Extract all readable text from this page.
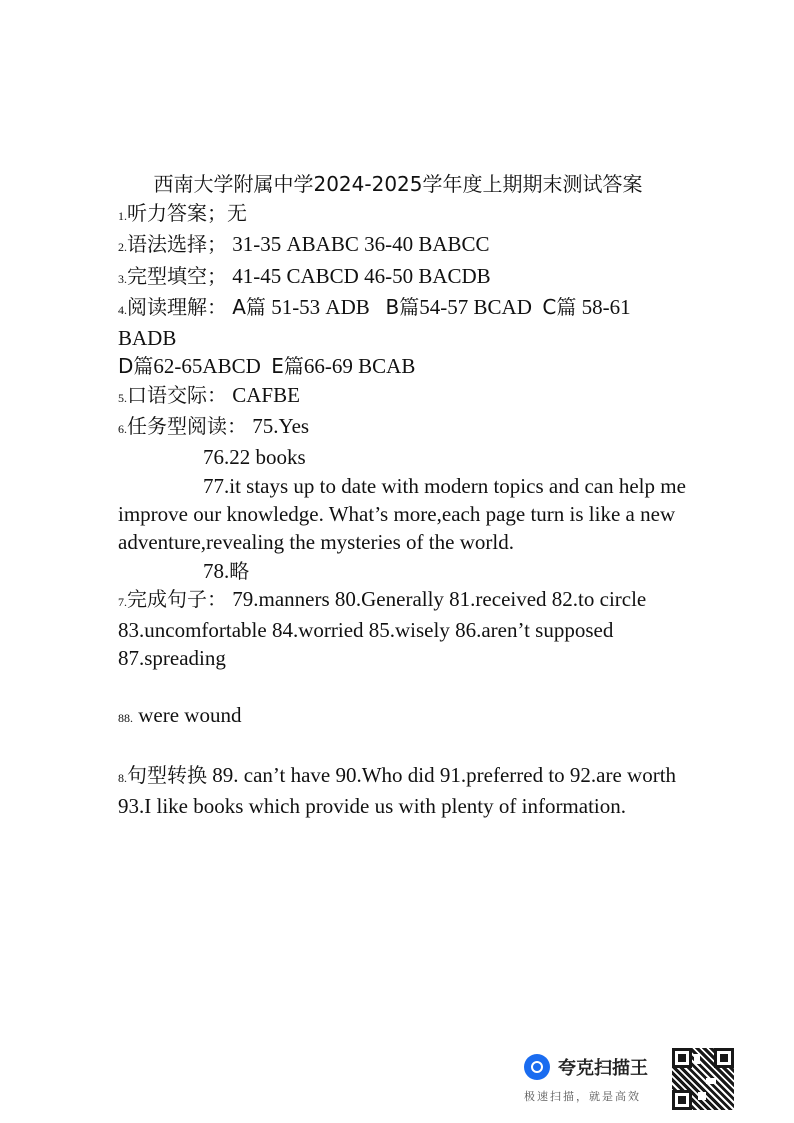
西南大学附属中学2024-2025学年度上期期末测试答案
1.听力答案；无
2.语法选择； 31-35 ABABC 36-40 BABCC
3.完型填空； 41-45 CABCD 46-50 BACDB
4.阅读理解： A篇 51-53 ADB B篇54-57 BCAD C篇 58-61 BADB
D篇62-65ABCD E篇66-69 BCAB
5.口语交际： CAFBE
6.任务型阅读： 75.Yes
76.22 books
77.it stays up to date with modern topics and can help me improve our knowledge. What’s more,each page turn is like a new adventure,revealing the mysteries of the world.
78.略
7.完成句子： 79.manners 80.Generally 81.received 82.to circle 83.uncomfortable 84.worried 85.wisely 86.aren’t supposed 87.spreading
88. were wound
8.句型转换 89. can’t have 90.Who did 91.preferred to 92.are worth 93.I like books which provide us with plenty of information.
夸克扫描王
极速扫描，就是高效
